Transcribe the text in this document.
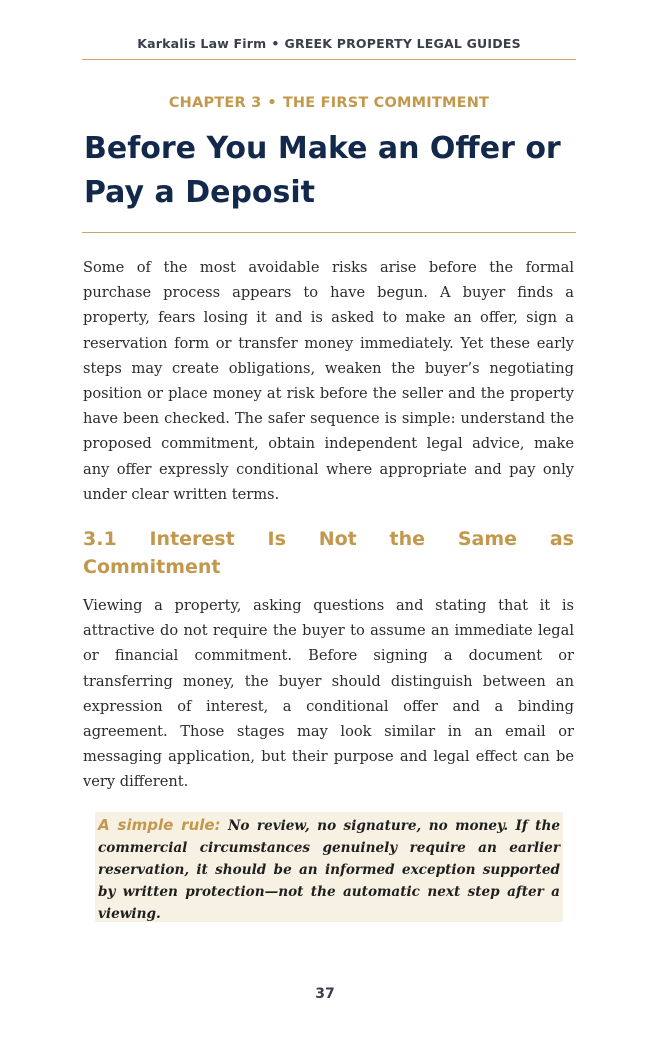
Karkalis Law Firm • GREEK PROPERTY LEGAL GUIDES
CHAPTER 3 • THE FIRST COMMITMENT
Before You Make an Offer or Pay a Deposit

Some of the most avoidable risks arise before the formal purchase process appears to have begun. A buyer finds a property, fears losing it and is asked to make an offer, sign a reservation form or transfer money immediately. Yet these early steps may create obligations, weaken the buyer’s negotiating position or place money at risk before the seller and the property have been checked. The safer sequence is simple: understand the proposed commitment, obtain independent legal advice, make any offer expressly conditional where appropriate and pay only under clear written terms.

3.1 Interest Is Not the Same as Commitment

Viewing a property, asking questions and stating that it is attractive do not require the buyer to assume an immediate legal or financial commitment. Before signing a document or transferring money, the buyer should distinguish between an expression of interest, a conditional offer and a binding agreement. Those stages may look similar in an email or messaging application, but their purpose and legal effect can be very different.

A simple rule: No review, no signature, no money. If the commercial circumstances genuinely require an earlier reservation, it should be an informed exception supported by written protection—not the automatic next step after a viewing.

37
